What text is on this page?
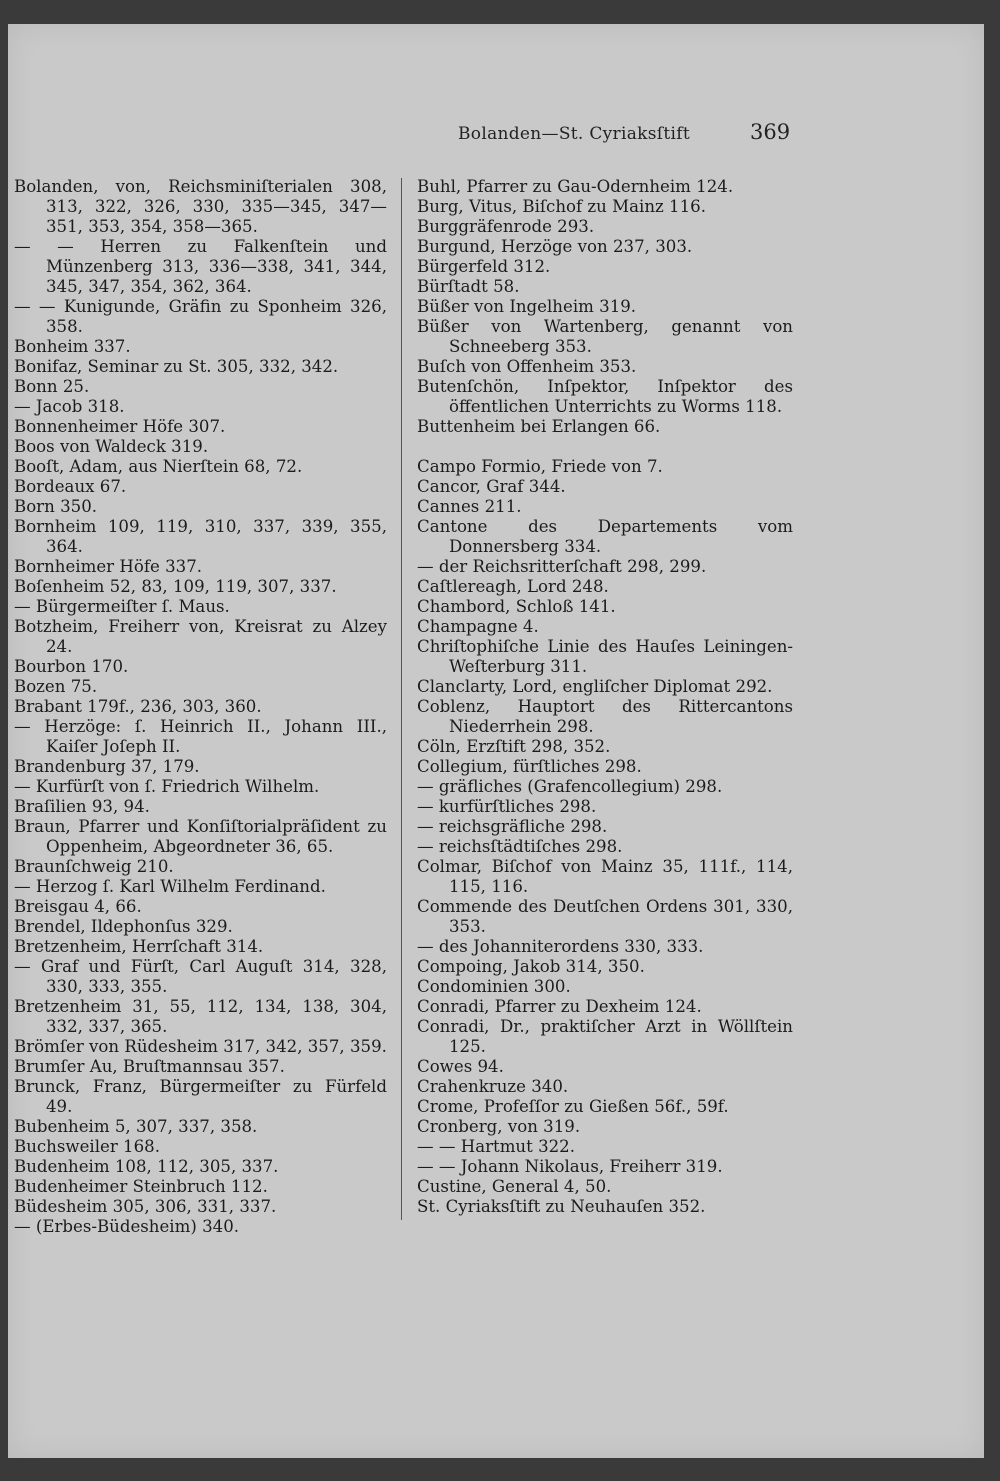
Bolanden—St. Cyriaksſtift	369
Bolanden, von, Reichsminiſterialen 308, 313, 322, 326, 330, 335—345, 347—351, 353, 354, 358—365.
— — Herren zu Falkenſtein und Münzenberg 313, 336—338, 341, 344, 345, 347, 354, 362, 364.
— — Kunigunde, Gräfin zu Sponheim 326, 358.
Bonheim 337.
Bonifaz, Seminar zu St. 305, 332, 342.
Bonn 25.
— Jacob 318.
Bonnenheimer Höfe 307.
Boos von Waldeck 319.
Booſt, Adam, aus Nierſtein 68, 72.
Bordeaux 67.
Born 350.
Bornheim 109, 119, 310, 337, 339, 355, 364.
Bornheimer Höfe 337.
Boſenheim 52, 83, 109, 119, 307, 337.
— Bürgermeiſter ſ. Maus.
Botzheim, Freiherr von, Kreisrat zu Alzey 24.
Bourbon 170.
Bozen 75.
Brabant 179f., 236, 303, 360.
— Herzöge: ſ. Heinrich II., Johann III., Kaiſer Joſeph II.
Brandenburg 37, 179.
— Kurfürſt von ſ. Friedrich Wilhelm.
Braſilien 93, 94.
Braun, Pfarrer und Konſiſtorialpräſident zu Oppenheim, Abgeordneter 36, 65.
Braunſchweig 210.
— Herzog ſ. Karl Wilhelm Ferdinand.
Breisgau 4, 66.
Brendel, Ildephonſus 329.
Bretzenheim, Herrſchaft 314.
— Graf und Fürſt, Carl Auguſt 314, 328, 330, 333, 355.
Bretzenheim 31, 55, 112, 134, 138, 304, 332, 337, 365.
Brömſer von Rüdesheim 317, 342, 357, 359.
Brumſer Au, Bruſtmannsau 357.
Brunck, Franz, Bürgermeiſter zu Fürfeld 49.
Bubenheim 5, 307, 337, 358.
Buchsweiler 168.
Budenheim 108, 112, 305, 337.
Budenheimer Steinbruch 112.
Büdesheim 305, 306, 331, 337.
— (Erbes-Büdesheim) 340.
Buhl, Pfarrer zu Gau-Odernheim 124.
Burg, Vitus, Biſchof zu Mainz 116.
Burggräfenrode 293.
Burgund, Herzöge von 237, 303.
Bürgerfeld 312.
Bürſtadt 58.
Büßer von Ingelheim 319.
Büßer von Wartenberg, genannt von Schneeberg 353.
Buſch von Offenheim 353.
Butenſchön, Inſpektor, Inſpektor des öffentlichen Unterrichts zu Worms 118.
Buttenheim bei Erlangen 66.
Campo Formio, Friede von 7.
Cancor, Graf 344.
Cannes 211.
Cantone des Departements vom Donnersberg 334.
— der Reichsritterſchaft 298, 299.
Caſtlereagh, Lord 248.
Chambord, Schloß 141.
Champagne 4.
Chriſtophiſche Linie des Hauſes Leiningen-Weſterburg 311.
Clanclarty, Lord, engliſcher Diplomat 292.
Coblenz, Hauptort des Rittercantons Niederrhein 298.
Cöln, Erzſtift 298, 352.
Collegium, fürſtliches 298.
— gräfliches (Grafencollegium) 298.
— kurfürſtliches 298.
— reichsgräfliche 298.
— reichsſtädtiſches 298.
Colmar, Biſchof von Mainz 35, 111f., 114, 115, 116.
Commende des Deutſchen Ordens 301, 330, 353.
— des Johanniterordens 330, 333.
Compoing, Jakob 314, 350.
Condominien 300.
Conradi, Pfarrer zu Dexheim 124.
Conradi, Dr., praktiſcher Arzt in Wöllſtein 125.
Cowes 94.
Crahenkruze 340.
Crome, Profeſſor zu Gießen 56f., 59f.
Cronberg, von 319.
— — Hartmut 322.
— — Johann Nikolaus, Freiherr 319.
Custine, General 4, 50.
St. Cyriaksſtift zu Neuhauſen 352.
